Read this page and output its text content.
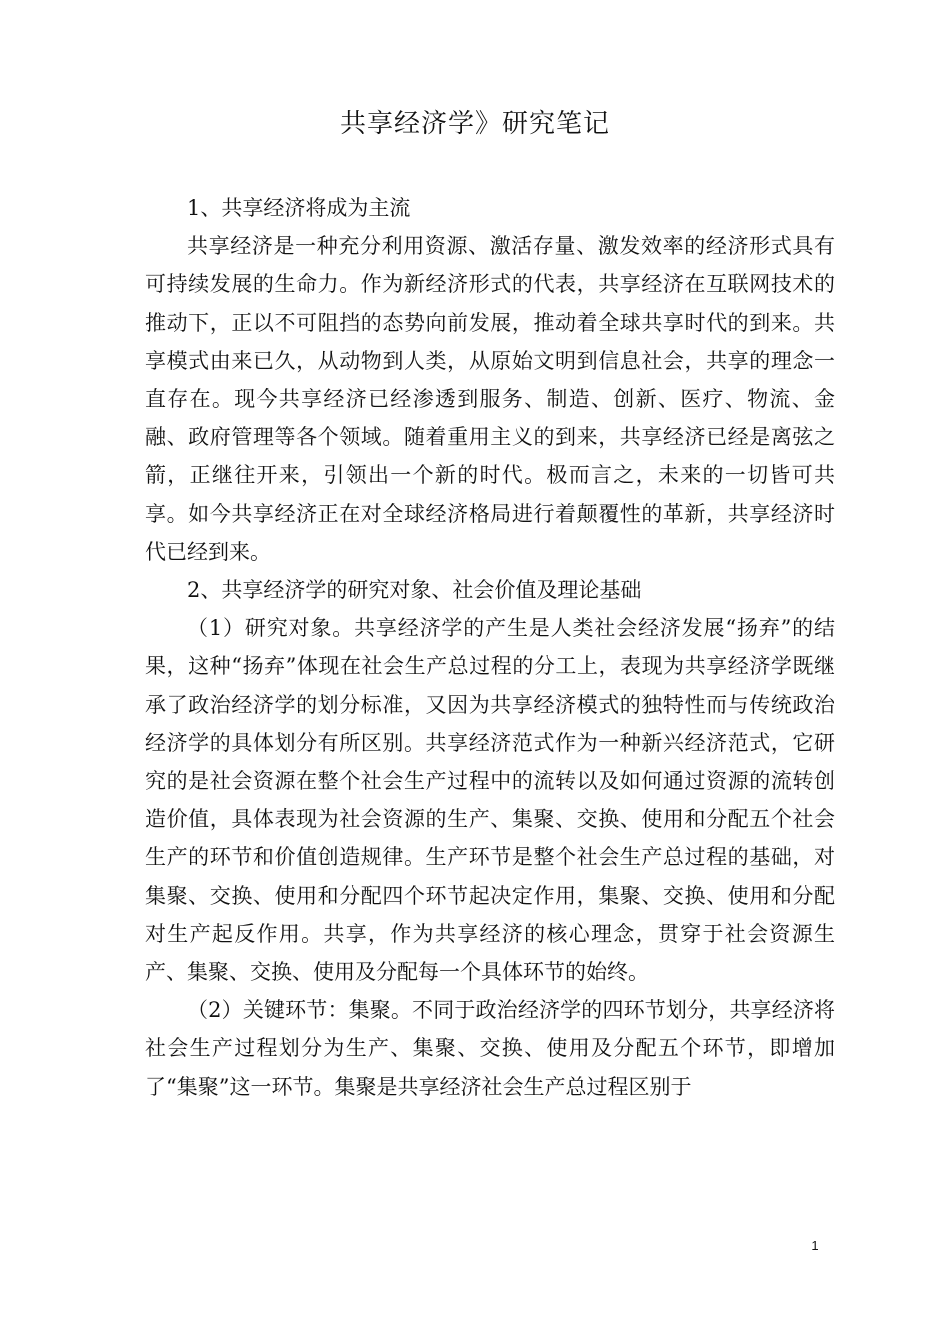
共享经济学》研究笔记

1、共享经济将成为主流

共享经济是一种充分利用资源、激活存量、激发效率的经济形式具有可持续发展的生命力。作为新经济形式的代表，共享经济在互联网技术的推动下，正以不可阻挡的态势向前发展，推动着全球共享时代的到来。共享模式由来已久，从动物到人类，从原始文明到信息社会，共享的理念一直存在。现今共享经济已经渗透到服务、制造、创新、医疗、物流、金融、政府管理等各个领域。随着重用主义的到来，共享经济已经是离弦之箭，正继往开来，引领出一个新的时代。极而言之，未来的一切皆可共享。如今共享经济正在对全球经济格局进行着颠覆性的革新，共享经济时代已经到来。

2、共享经济学的研究对象、社会价值及理论基础

（1）研究对象。共享经济学的产生是人类社会经济发展“扬弃”的结果，这种“扬弃”体现在社会生产总过程的分工上，表现为共享经济学既继承了政治经济学的划分标准，又因为共享经济模式的独特性而与传统政治经济学的具体划分有所区别。共享经济范式作为一种新兴经济范式，它研究的是社会资源在整个社会生产过程中的流转以及如何通过资源的流转创造价值，具体表现为社会资源的生产、集聚、交换、使用和分配五个社会生产的环节和价值创造规律。生产环节是整个社会生产总过程的基础，对集聚、交换、使用和分配四个环节起决定作用，集聚、交换、使用和分配对生产起反作用。共享，作为共享经济的核心理念，贯穿于社会资源生产、集聚、交换、使用及分配每一个具体环节的始终。

（2）关键环节：集聚。不同于政治经济学的四环节划分，共享经济将社会生产过程划分为生产、集聚、交换、使用及分配五个环节，即增加了“集聚”这一环节。集聚是共享经济社会生产总过程区别于

1
